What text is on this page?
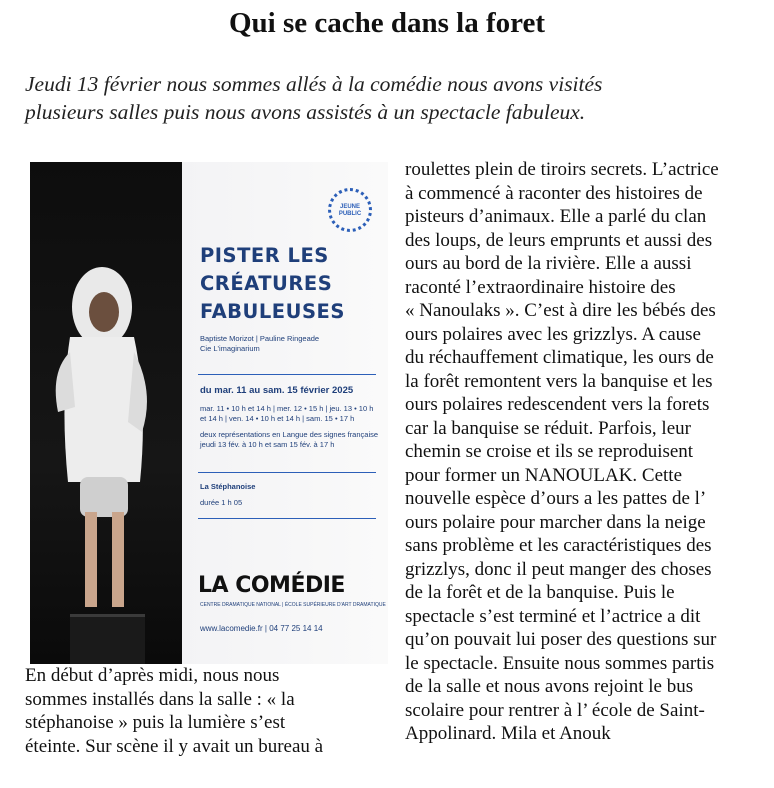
Qui se cache dans la foret
Jeudi 13 février nous sommes allés à la comédie nous avons visités
plusieurs salles puis nous avons assistés à un spectacle fabuleux.
JEUNE PUBLIC
PISTER LES
CRÉATURES
FABULEUSES
Baptiste Morizot | Pauline Ringeade
Cie L'imaginarium
du mar. 11 au sam. 15 février 2025
mar. 11 • 10 h et 14 h | mer. 12 • 15 h | jeu. 13 • 10 h
et 14 h | ven. 14 • 10 h et 14 h | sam. 15 • 17 h
deux représentations en Langue des signes française
jeudi 13 fév. à 10 h et sam 15 fév. à 17 h
La Stéphanoise
durée 1 h 05
LA COMÉDIE
CENTRE DRAMATIQUE NATIONAL | ÉCOLE SUPÉRIEURE D'ART DRAMATIQUE
www.lacomedie.fr | 04 77 25 14 14
En début d’après midi, nous nous
sommes installés dans la salle : « la
stéphanoise » puis la lumière s’est
éteinte. Sur scène il y avait un bureau à
roulettes plein de tiroirs secrets. L’actrice
à commencé à raconter des histoires de
pisteurs d’animaux. Elle a parlé du clan
des loups, de leurs emprunts et aussi des
ours au bord de la rivière. Elle a aussi
raconté l’extraordinaire histoire des
« Nanoulaks ». C’est à dire les bébés des
ours polaires avec les grizzlys. A cause
du réchauffement climatique, les ours de
la forêt remontent vers la banquise et les
ours polaires redescendent vers la forets
car la banquise se réduit. Parfois, leur
chemin se croise et ils se reproduisent
pour former un NANOULAK. Cette
nouvelle espèce d’ours a les pattes de l’
ours polaire pour marcher dans la neige
sans problème et les caractéristiques des
grizzlys, donc il peut manger des choses
de la forêt et de la banquise. Puis le
spectacle s’est terminé et l’actrice a dit
qu’on pouvait lui poser des questions sur
le spectacle. Ensuite nous sommes partis
de la salle et nous avons rejoint le bus
scolaire pour rentrer à l’ école de Saint-
Appolinard. Mila et Anouk
